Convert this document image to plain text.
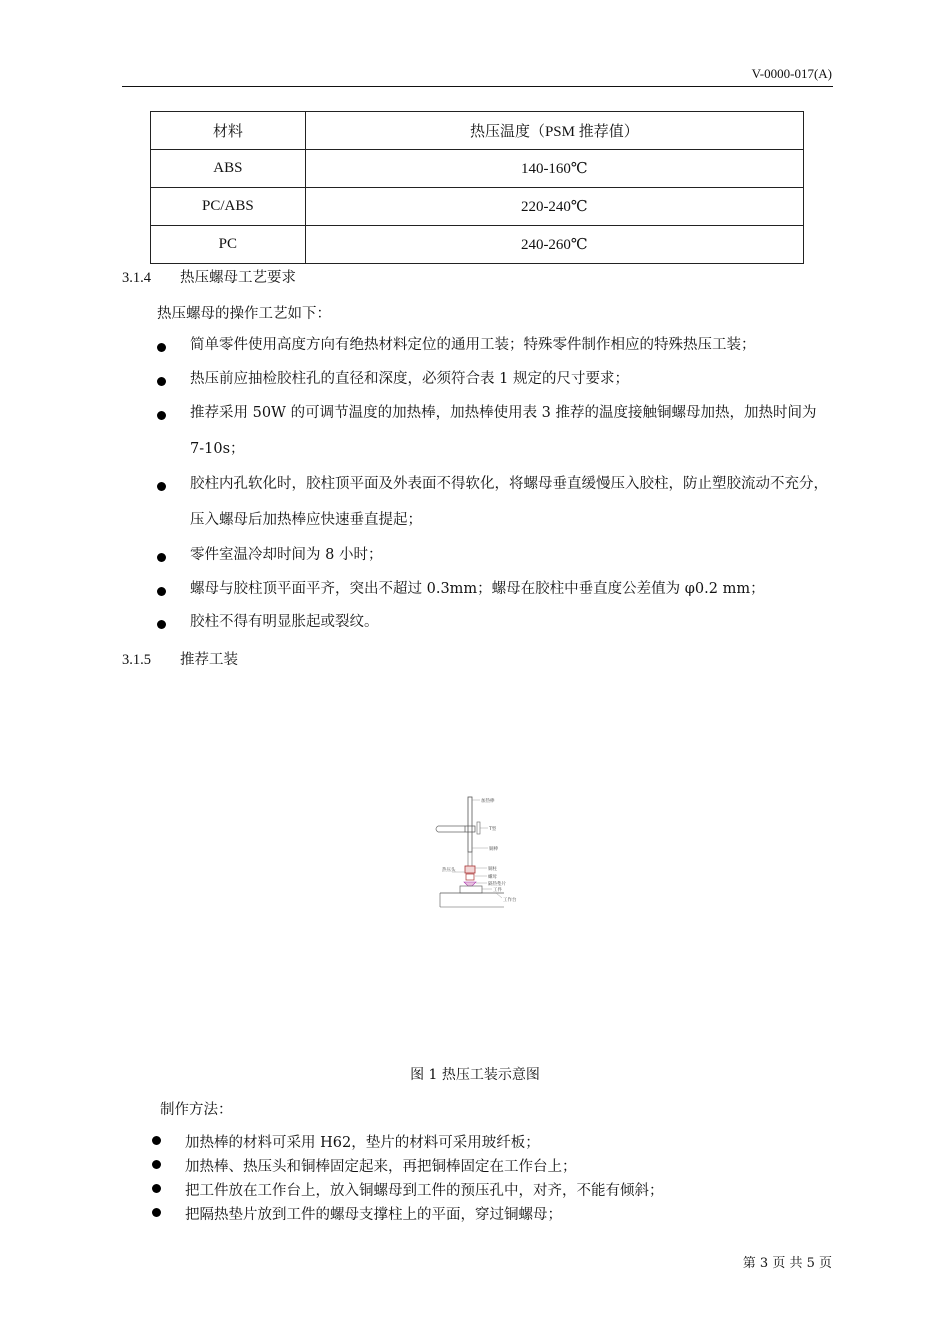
V-0000-017(A)
材料	热压温度（PSM 推荐值）
ABS	140-160℃
PC/ABS	220-240℃
PC	240-260℃
3.1.4 热压螺母工艺要求
热压螺母的操作工艺如下：
简单零件使用高度方向有绝热材料定位的通用工装；特殊零件制作相应的特殊热压工装；
热压前应抽检胶柱孔的直径和深度，必须符合表 1 规定的尺寸要求；
推荐采用 50W 的可调节温度的加热棒，加热棒使用表 3 推荐的温度接触铜螺母加热，加热时间为 7-10s；
胶柱内孔软化时，胶柱顶平面及外表面不得软化，将螺母垂直缓慢压入胶柱，防止塑胶流动不充分，压入螺母后加热棒应快速垂直提起；
零件室温冷却时间为 8 小时；
螺母与胶柱顶平面平齐，突出不超过 0.3mm；螺母在胶柱中垂直度公差值为 φ0.2 mm；
胶柱不得有明显胀起或裂纹。
3.1.5 推荐工装
加热棒
T型
铜棒
热压头	铜柱
螺母
隔热垫片
工件
工作台
图 1 热压工装示意图
制作方法：
加热棒的材料可采用 H62，垫片的材料可采用玻纤板；
加热棒、热压头和铜棒固定起来，再把铜棒固定在工作台上；
把工件放在工作台上，放入铜螺母到工件的预压孔中，对齐，不能有倾斜；
把隔热垫片放到工件的螺母支撑柱上的平面，穿过铜螺母；
第 3 页 共 5 页
